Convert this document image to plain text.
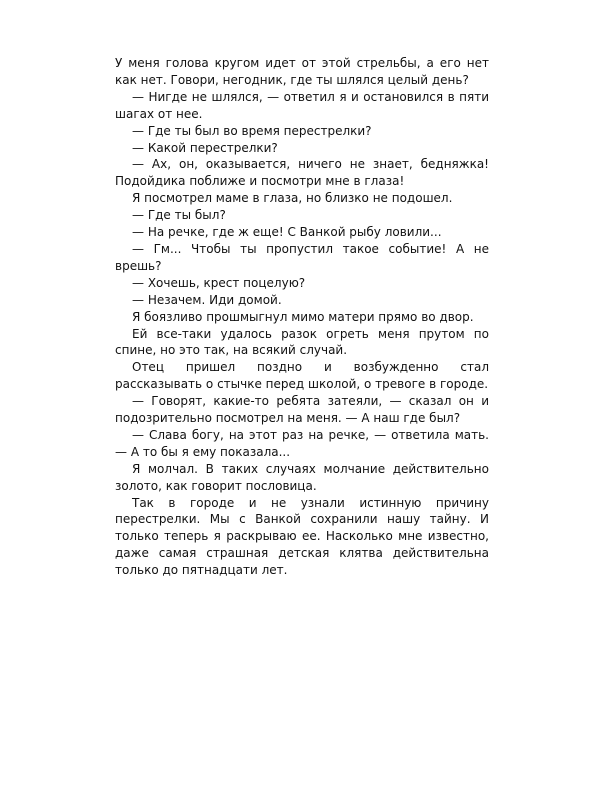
У меня голова кругом идет от этой стрельбы, а его нет как нет. Говори, негодник, где ты шлялся целый день?

— Нигде не шлялся, — ответил я и остановился в пяти шагах от нее.

— Где ты был во время перестрелки?

— Какой перестрелки?

— Ах, он, оказывается, ничего не знает, бедняжка! Подойдика поближе и посмотри мне в глаза!

Я посмотрел маме в глаза, но близко не подошел.

— Где ты был?

— На речке, где ж еще! С Ванкой рыбу ловили...

— Гм... Чтобы ты пропустил такое событие! А не врешь?

— Хочешь, крест поцелую?

— Незачем. Иди домой.

Я боязливо прошмыгнул мимо матери прямо во двор.

Ей все-таки удалось разок огреть меня прутом по спине, но это так, на всякий случай.

Отец пришел поздно и возбужденно стал рассказывать о стычке перед школой, о тревоге в городе.

— Говорят, какие-то ребята затеяли, — сказал он и подозрительно посмотрел на меня. — А наш где был?

— Слава богу, на этот раз на речке, — ответила мать. — А то бы я ему показала...

Я молчал. В таких случаях молчание действительно золото, как говорит пословица.

Так в городе и не узнали истинную причину перестрелки. Мы с Ванкой сохранили нашу тайну. И только теперь я раскрываю ее. Насколько мне известно, даже самая страшная детская клятва действительна только до пятнадцати лет.
